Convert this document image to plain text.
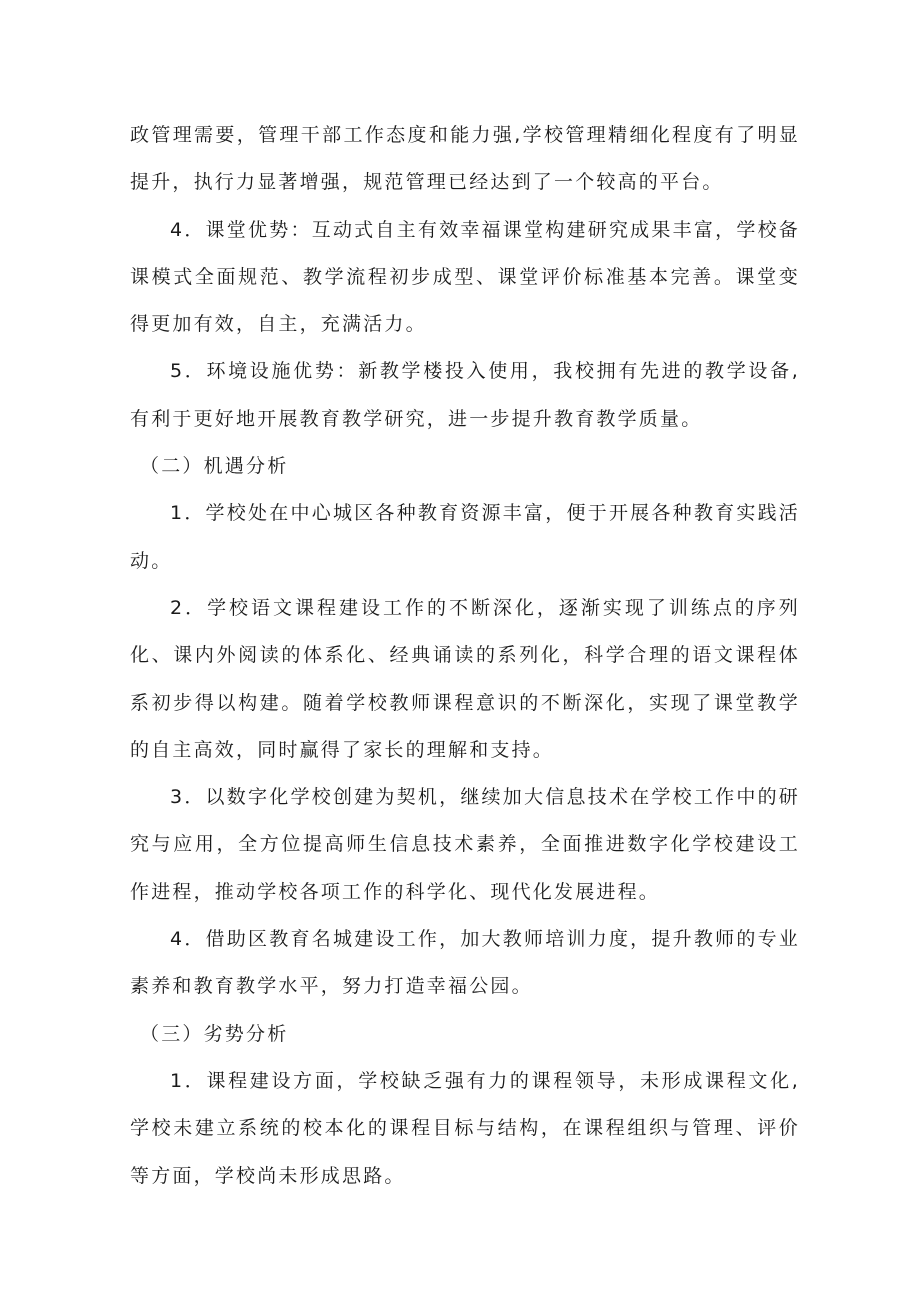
政管理需要，管理干部工作态度和能力强,学校管理精细化程度有了明显提升，执行力显著增强，规范管理已经达到了一个较高的平台。

4．课堂优势：互动式自主有效幸福课堂构建研究成果丰富，学校备课模式全面规范、教学流程初步成型、课堂评价标准基本完善。课堂变得更加有效，自主，充满活力。

5．环境设施优势：新教学楼投入使用，我校拥有先进的教学设备,有利于更好地开展教育教学研究，进一步提升教育教学质量。

（二）机遇分析

1．学校处在中心城区各种教育资源丰富，便于开展各种教育实践活动。

2．学校语文课程建设工作的不断深化，逐渐实现了训练点的序列化、课内外阅读的体系化、经典诵读的系列化，科学合理的语文课程体系初步得以构建。随着学校教师课程意识的不断深化，实现了课堂教学的自主高效，同时赢得了家长的理解和支持。

3．以数字化学校创建为契机，继续加大信息技术在学校工作中的研究与应用，全方位提高师生信息技术素养，全面推进数字化学校建设工作进程，推动学校各项工作的科学化、现代化发展进程。

4．借助区教育名城建设工作，加大教师培训力度，提升教师的专业素养和教育教学水平，努力打造幸福公园。

（三）劣势分析

1．课程建设方面，学校缺乏强有力的课程领导，未形成课程文化,学校未建立系统的校本化的课程目标与结构，在课程组织与管理、评价等方面，学校尚未形成思路。
